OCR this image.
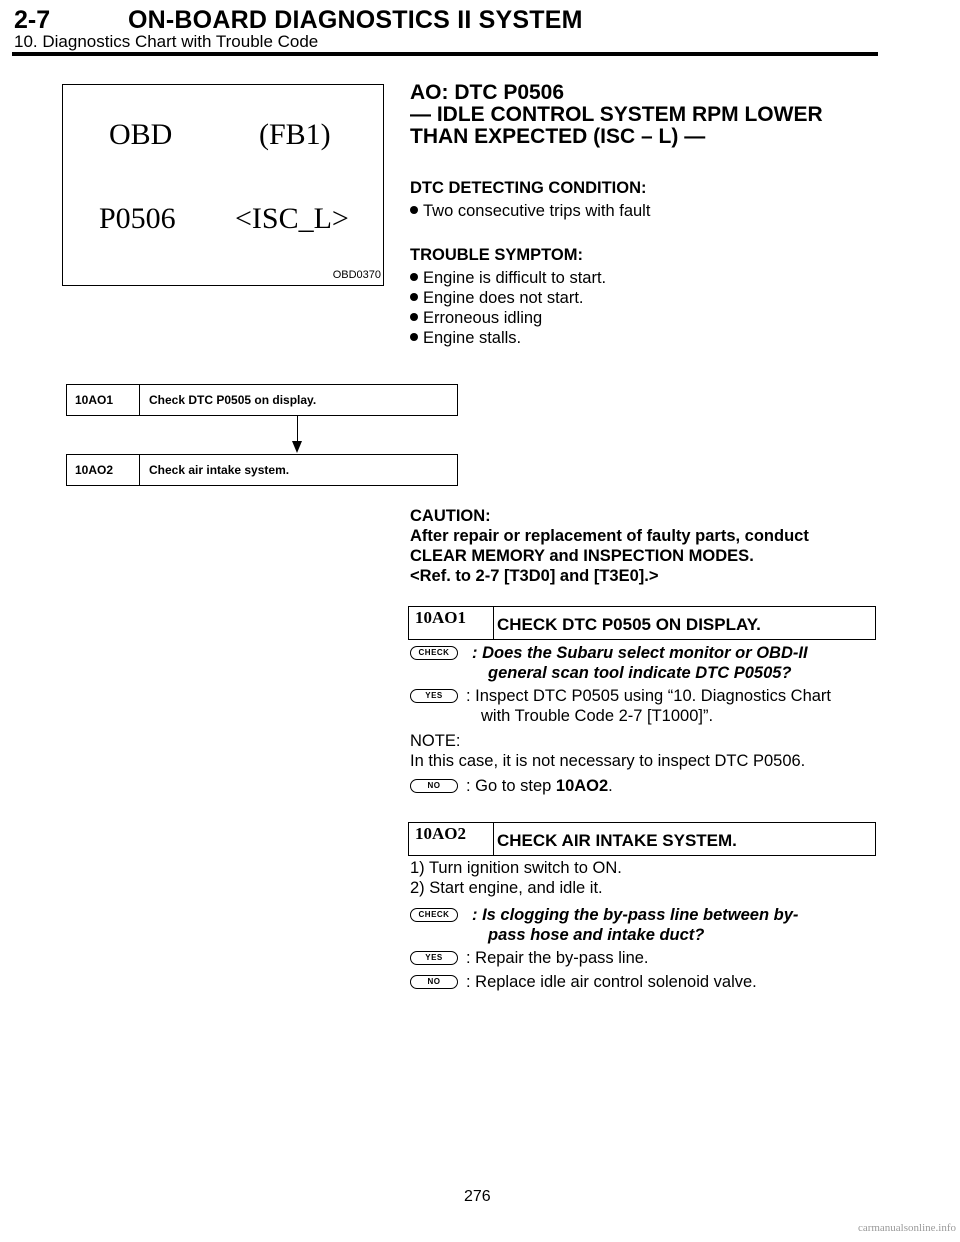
2-7	ON-BOARD DIAGNOSTICS II SYSTEM
10. Diagnostics Chart with Trouble Code
OBD	(FB1)
P0506 <ISC_L>
OBD0370
AO: DTC P0506
— IDLE CONTROL SYSTEM RPM LOWER
THAN EXPECTED (ISC – L) —
DTC DETECTING CONDITION:
Two consecutive trips with fault
TROUBLE SYMPTOM:
Engine is difficult to start.
Engine does not start.
Erroneous idling
Engine stalls.
10AO1	Check DTC P0505 on display.
10AO2	Check air intake system.
CAUTION:
After repair or replacement of faulty parts, conduct
CLEAR MEMORY and INSPECTION MODES.
<Ref. to 2-7 [T3D0] and [T3E0].>
10AO1	CHECK DTC P0505 ON DISPLAY.
CHECK	: Does the Subaru select monitor or OBD-II
general scan tool indicate DTC P0505?
YES	: Inspect DTC P0505 using “10. Diagnostics Chart
with Trouble Code 2-7 [T1000]”.
NOTE:
In this case, it is not necessary to inspect DTC P0506.
NO	: Go to step 10AO2.
10AO2	CHECK AIR INTAKE SYSTEM.
1) Turn ignition switch to ON.
2) Start engine, and idle it.
CHECK	: Is clogging the by-pass line between by-
pass hose and intake duct?
YES	: Repair the by-pass line.
NO	: Replace idle air control solenoid valve.
276
carmanualsonline.info
